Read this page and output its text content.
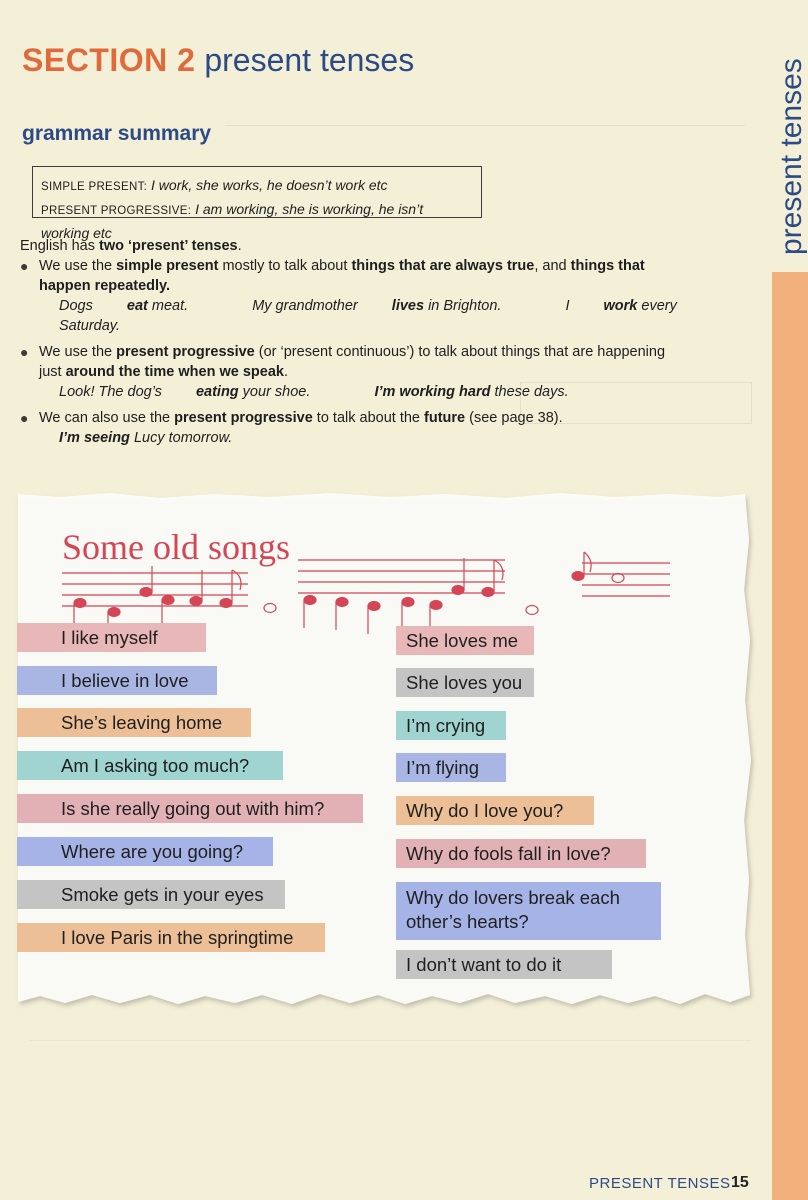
SECTION 2 present tenses
grammar summary
SIMPLE PRESENT: I work, she works, he doesn’t work etc
PRESENT PROGRESSIVE: I am working, she is working, he isn’t working etc

English has two ‘present’ tenses.

● We use the simple present mostly to talk about things that are always true, and things that happen repeatedly.

Dogs eat meat.	My grandmother lives in Brighton.	I work every Saturday.

● We use the present progressive (or ‘present continuous’) to talk about things that are happening just around the time when we speak.

Look! The dog’s eating your shoe.	I’m working hard these days.

● We can also use the present progressive to talk about the future (see page 38).

I’m seeing Lucy tomorrow.

present tenses
Some old songs
I like myself
I believe in love
She’s leaving home
Am I asking too much?
Is she really going out with him?
Where are you going?
Smoke gets in your eyes
I love Paris in the springtime
She loves me
She loves you
I’m crying
I’m flying
Why do I love you?
Why do fools fall in love?
Why do lovers break each other’s hearts?
I don’t want to do it
PRESENT TENSES 15
